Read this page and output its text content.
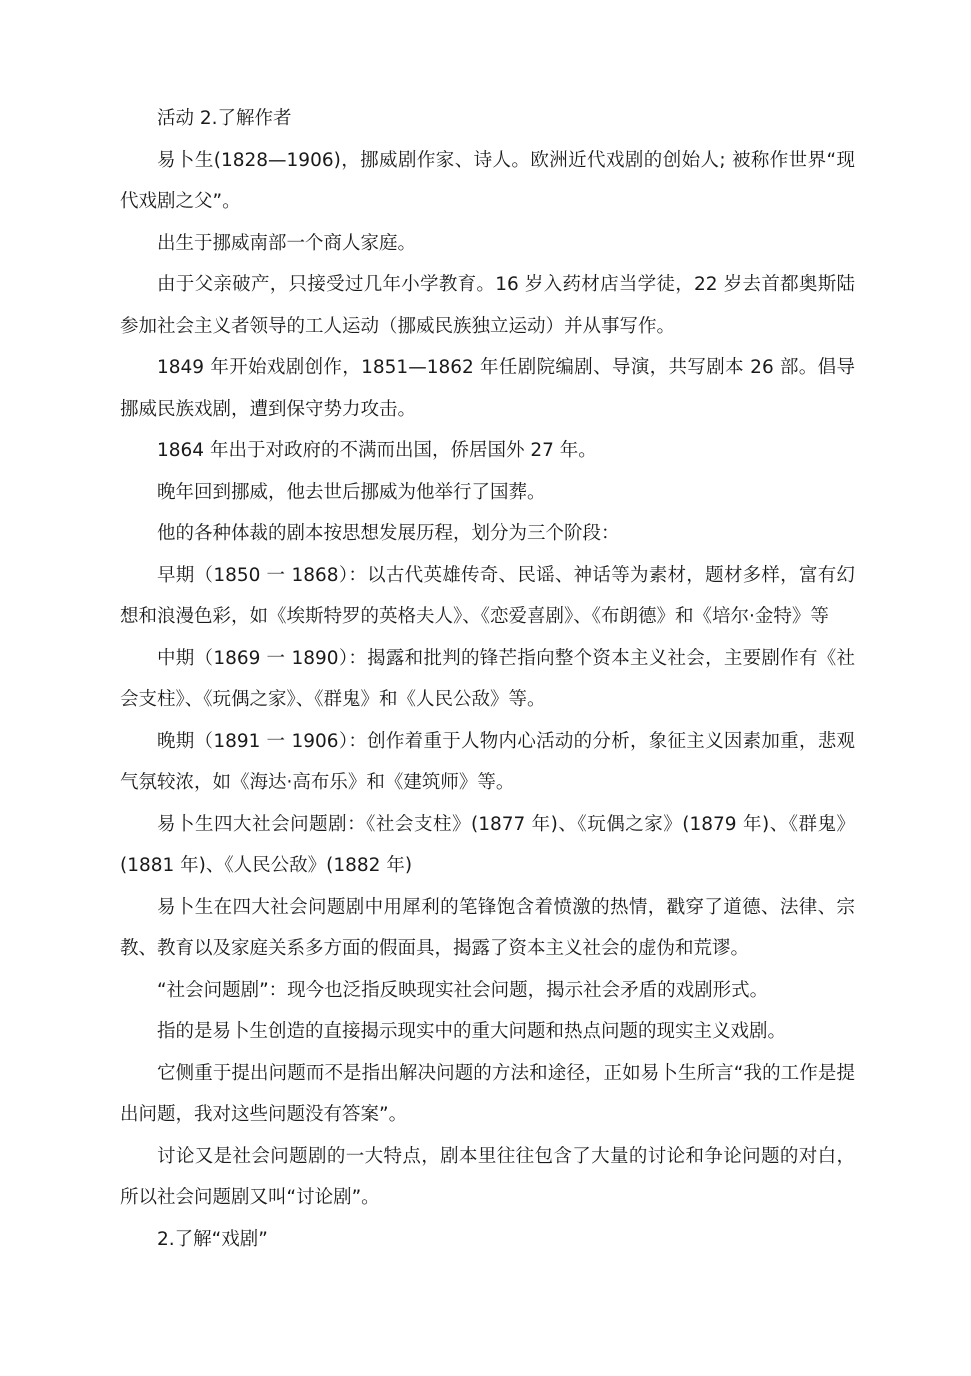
活动 2.了解作者

易卜生(1828—1906)，挪威剧作家、诗人。欧洲近代戏剧的创始人; 被称作世界“现代戏剧之父”。

出生于挪威南部一个商人家庭。

由于父亲破产，只接受过几年小学教育。16 岁入药材店当学徒，22 岁去首都奥斯陆参加社会主义者领导的工人运动（挪威民族独立运动）并从事写作。

1849 年开始戏剧创作，1851—1862 年任剧院编剧、导演，共写剧本 26 部。倡导挪威民族戏剧，遭到保守势力攻击。

1864 年出于对政府的不满而出国，侨居国外 27 年。

晚年回到挪威，他去世后挪威为他举行了国葬。

他的各种体裁的剧本按思想发展历程，划分为三个阶段：

早期（1850 一 1868）：以古代英雄传奇、民谣、神话等为素材，题材多样，富有幻想和浪漫色彩，如《埃斯特罗的英格夫人》、《恋爱喜剧》、《布朗德》和《培尔·金特》等

中期（1869 一 1890）：揭露和批判的锋芒指向整个资本主义社会，主要剧作有《社会支柱》、《玩偶之家》、《群鬼》和《人民公敌》等。

晚期（1891 一 1906）：创作着重于人物内心活动的分析，象征主义因素加重，悲观气氛较浓，如《海达·高布乐》和《建筑师》等。

易卜生四大社会问题剧：《社会支柱》(1877 年)、《玩偶之家》(1879 年)、《群鬼》(1881 年)、《人民公敌》(1882 年)

易卜生在四大社会问题剧中用犀利的笔锋饱含着愤激的热情，戳穿了道德、法律、宗教、教育以及家庭关系多方面的假面具，揭露了资本主义社会的虚伪和荒谬。

“社会问题剧”：现今也泛指反映现实社会问题，揭示社会矛盾的戏剧形式。

指的是易卜生创造的直接揭示现实中的重大问题和热点问题的现实主义戏剧。

它侧重于提出问题而不是指出解决问题的方法和途径，正如易卜生所言“我的工作是提出问题，我对这些问题没有答案”。

讨论又是社会问题剧的一大特点，剧本里往往包含了大量的讨论和争论问题的对白，所以社会问题剧又叫“讨论剧”。

2.了解“戏剧”
